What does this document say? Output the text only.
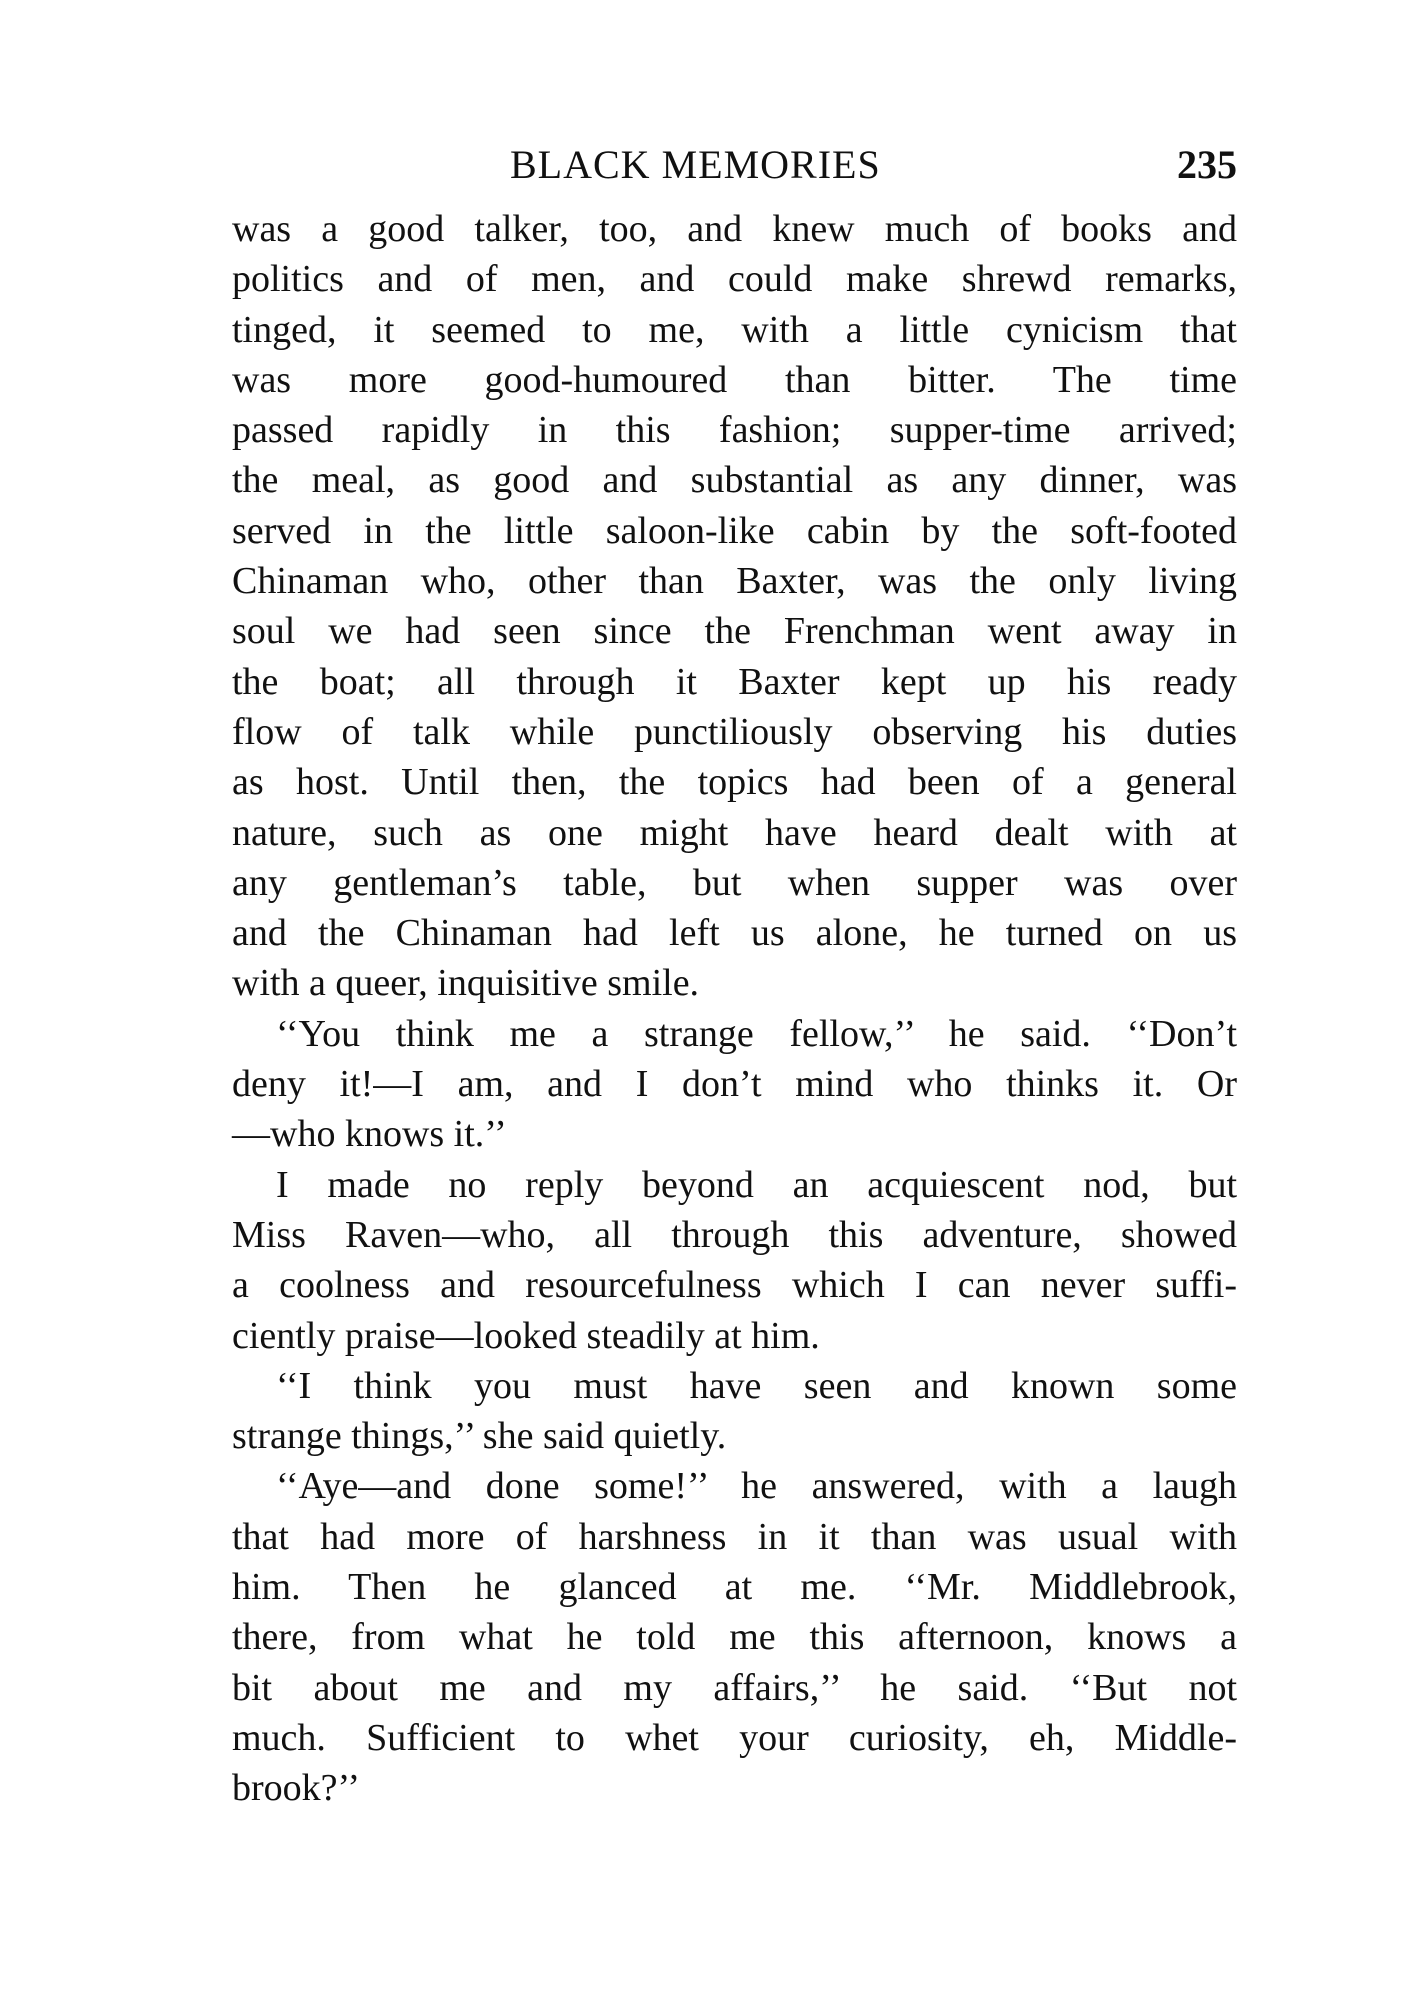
BLACK MEMORIES	235
was a good talker, too, and knew much of books and
politics and of men, and could make shrewd remarks,
tinged, it seemed to me, with a little cynicism that
was more good-humoured than bitter. The time
passed rapidly in this fashion; supper-time arrived;
the meal, as good and substantial as any dinner, was
served in the little saloon-like cabin by the soft-footed
Chinaman who, other than Baxter, was the only living
soul we had seen since the Frenchman went away in
the boat; all through it Baxter kept up his ready
flow of talk while punctiliously observing his duties
as host. Until then, the topics had been of a general
nature, such as one might have heard dealt with at
any gentleman’s table, but when supper was over
and the Chinaman had left us alone, he turned on us
with a queer, inquisitive smile.
‘‘You think me a strange fellow,’’ he said. ‘‘Don’t
deny it!—I am, and I don’t mind who thinks it. Or
—who knows it.’’
I made no reply beyond an acquiescent nod, but
Miss Raven—who, all through this adventure, showed
a coolness and resourcefulness which I can never suffi-
ciently praise—looked steadily at him.
‘‘I think you must have seen and known some
strange things,’’ she said quietly.
‘‘Aye—and done some!’’ he answered, with a laugh
that had more of harshness in it than was usual with
him. Then he glanced at me. ‘‘Mr. Middlebrook,
there, from what he told me this afternoon, knows a
bit about me and my affairs,’’ he said. ‘‘But not
much. Sufficient to whet your curiosity, eh, Middle-
brook?’’
